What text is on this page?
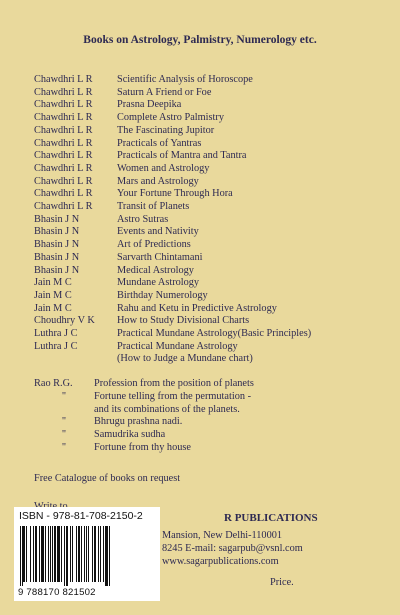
Books on Astrology, Palmistry, Numerology etc.
Chawdhri L R	Scientific Analysis of Horoscope
Chawdhri L R	Saturn A Friend or Foe
Chawdhri L R	Prasna Deepika
Chawdhri L R	Complete Astro Palmistry
Chawdhri L R	The Fascinating Jupitor
Chawdhri L R	Practicals of Yantras
Chawdhri L R	Practicals of Mantra and Tantra
Chawdhri L R	Women and Astrology
Chawdhri L R	Mars and Astrology
Chawdhri L R	Your Fortune Through Hora
Chawdhri L R	Transit of Planets
Bhasin J N	Astro Sutras
Bhasin J N	Events and Nativity
Bhasin J N	Art of Predictions
Bhasin J N	Sarvarth Chintamani
Bhasin J N	Medical Astrology
Jain M C	Mundane Astrology
Jain M C	Birthday Numerology
Jain M C	Rahu and Ketu in Predictive Astrology
Choudhry V K	How to Study Divisional Charts
Luthra J C	Practical Mundane Astrology(Basic Principles)
Luthra J C	Practical Mundane Astrology
(How to Judge a Mundane chart)
Rao R.G.	Profession from the position of planets
"	Fortune telling from the permutation -
and its combinations of the planets.
"	Bhrugu prashna nadi.
"	Samudrika sudha
"	Fortune from thy house
Free Catalogue of books on request
R PUBLICATIONS
Mansion, New Delhi-110001
8245 E-mail: sagarpub@vsnl.com
www.sagarpublications.com
Price.
ISBN - 978-81-708-2150-2
9 788170 821502
